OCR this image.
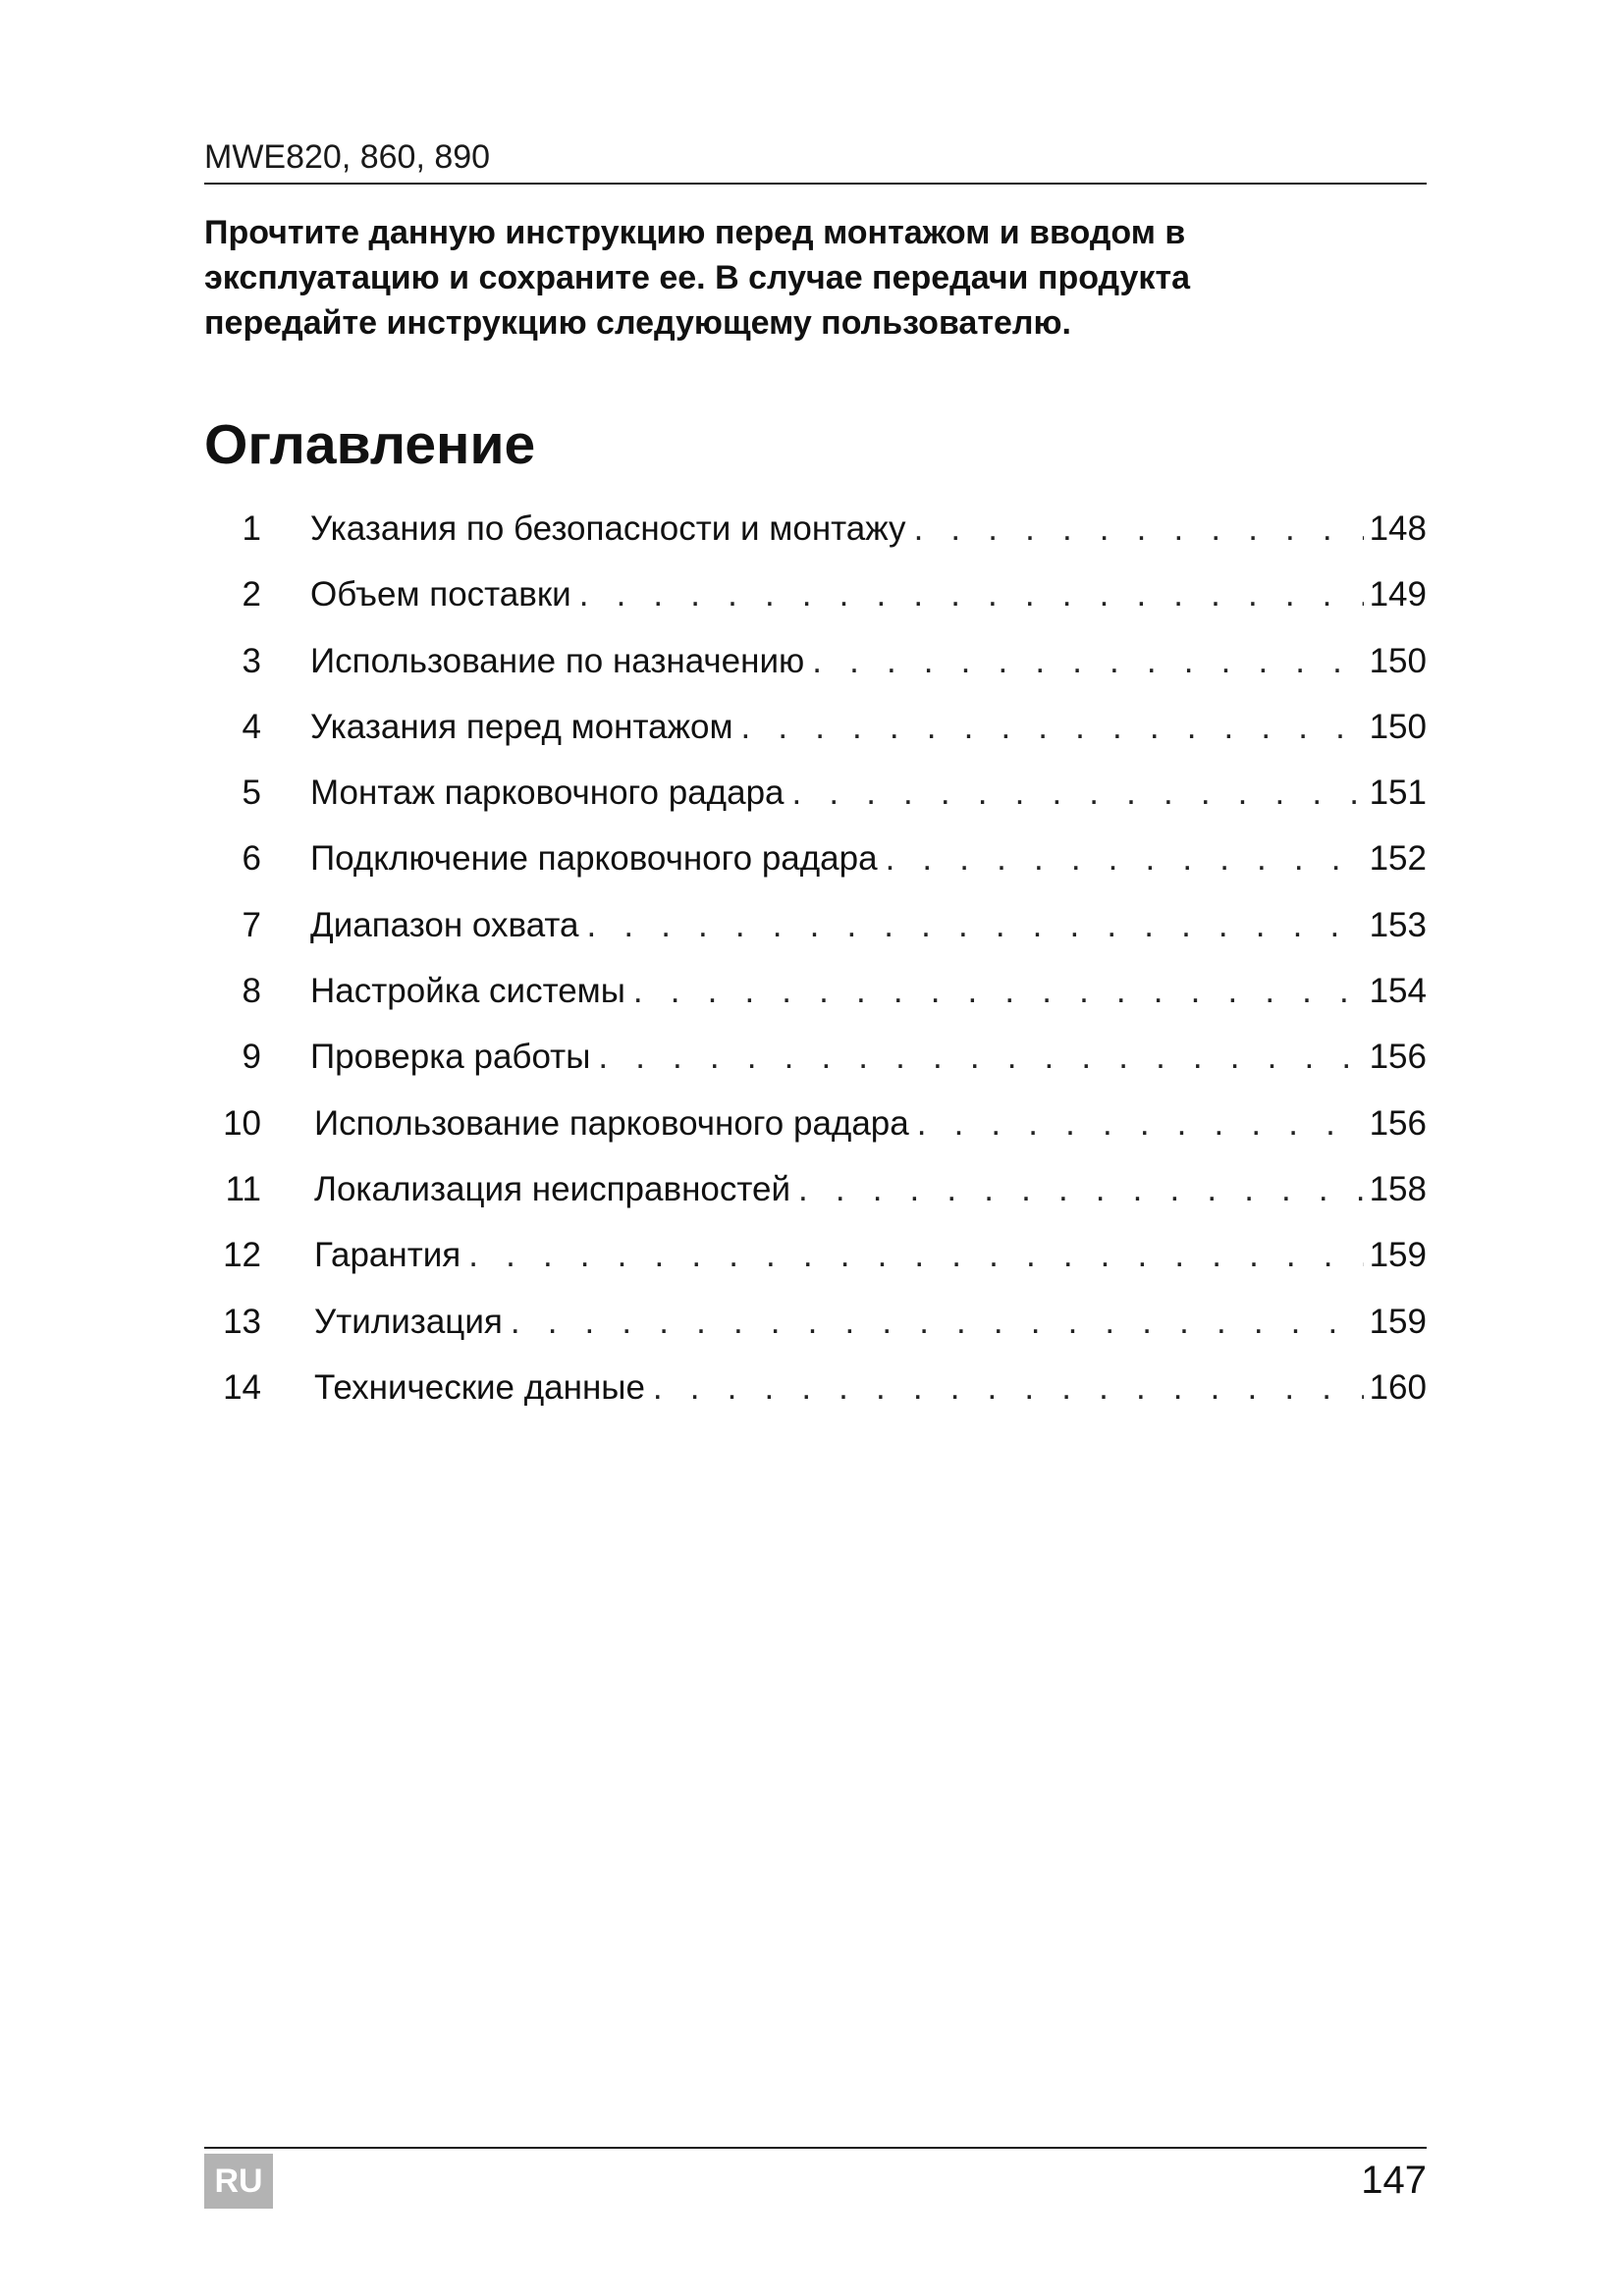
MWE820, 860, 890
Прочтите данную инструкцию перед монтажом и вводом в
эксплуатацию и сохраните ее. В случае передачи продукта
передайте инструкцию следующему пользователю.
Оглавление
1 Указания по безопасности и монтажу . . .	148
2 Объем поставки . . .	149
3 Использование по назначению . . .	150
4 Указания перед монтажом . . .	150
5 Монтаж парковочного радара . . .	151
6 Подключение парковочного радара . . .	152
7 Диапазон охвата . . .	153
8 Настройка системы . . .	154
9 Проверка работы . . .	156
10 Использование парковочного радара . . .	156
11 Локализация неисправностей . . .	158
12 Гарантия . . .	159
13 Утилизация . . .	159
14 Технические данные . . .	160
RU	147
